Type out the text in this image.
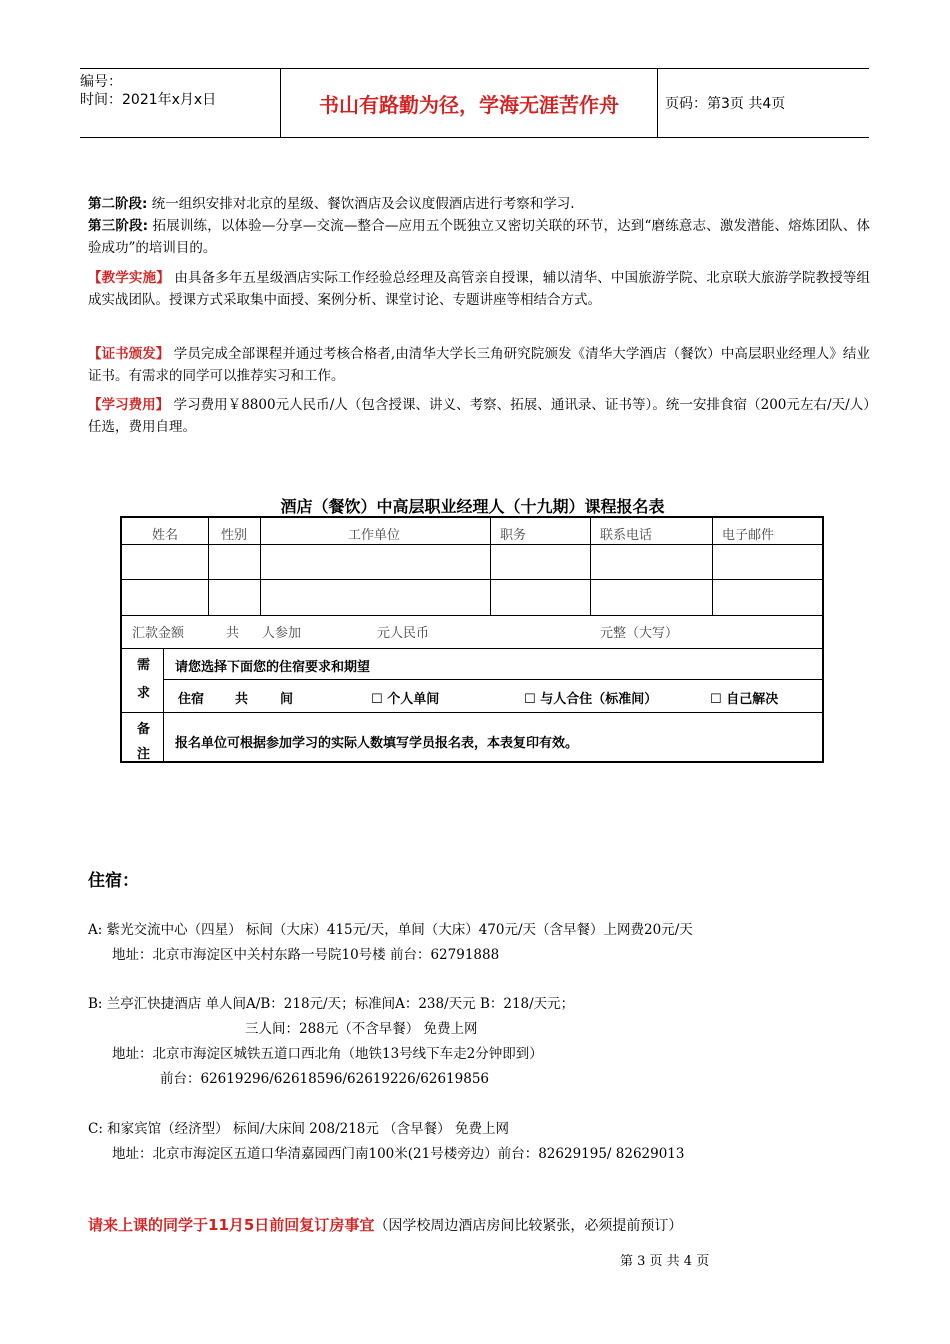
编号：
时间：2021年x月x日	书山有路勤为径，学海无涯苦作舟	页码：第3页 共4页
第二阶段: 统一组织安排对北京的星级、餐饮酒店及会议度假酒店进行考察和学习.
第三阶段: 拓展训练，以体验—分享—交流—整合—应用五个既独立又密切关联的环节，达到“磨练意志、激发潜能、熔炼团队、体验成功”的培训目的。
【教学实施】 由具备多年五星级酒店实际工作经验总经理及高管亲自授课，辅以清华、中国旅游学院、北京联大旅游学院教授等组成实战团队。授课方式采取集中面授、案例分析、课堂讨论、专题讲座等相结合方式。
【证书颁发】 学员完成全部课程并通过考核合格者,由清华大学长三角研究院颁发《清华大学酒店（餐饮）中高层职业经理人》结业证书。有需求的同学可以推荐实习和工作。
【学习费用】 学习费用￥8800元人民币/人（包含授课、讲义、考察、拓展、通讯录、证书等）。统一安排食宿（200元左右/天/人）任选，费用自理。
酒店（餐饮）中高层职业经理人（十九期）课程报名表
姓名	性别	工作单位	职务	联系电话	电子邮件
汇款金额	共 人参加	元人民币	元整（大写）
需
求
请您选择下面您的住宿要求和期望
住宿 共 间	☐ 个人单间	☐ 与人合住（标准间）	☐ 自己解决
备
注
报名单位可根据参加学习的实际人数填写学员报名表，本表复印有效。
住宿：
A: 紫光交流中心（四星） 标间（大床）415元/天，单间（大床）470元/天（含早餐）上网费20元/天
地址：北京市海淀区中关村东路一号院10号楼 前台：62791888
B: 兰亭汇快捷酒店 单人间A/B：218元/天；标准间A：238/天元 B：218/天元；
三人间：288元（不含早餐） 免费上网
地址：北京市海淀区城铁五道口西北角（地铁13号线下车走2分钟即到）
前台：62619296/62618596/62619226/62619856
C: 和家宾馆（经济型） 标间/大床间 208/218元 （含早餐） 免费上网
地址：北京市海淀区五道口华清嘉园西门南100米(21号楼旁边）前台：82629195/ 82629013
请来上课的同学于11月5日前回复订房事宜（因学校周边酒店房间比较紧张，必须提前预订）
第 3 页 共 4 页
